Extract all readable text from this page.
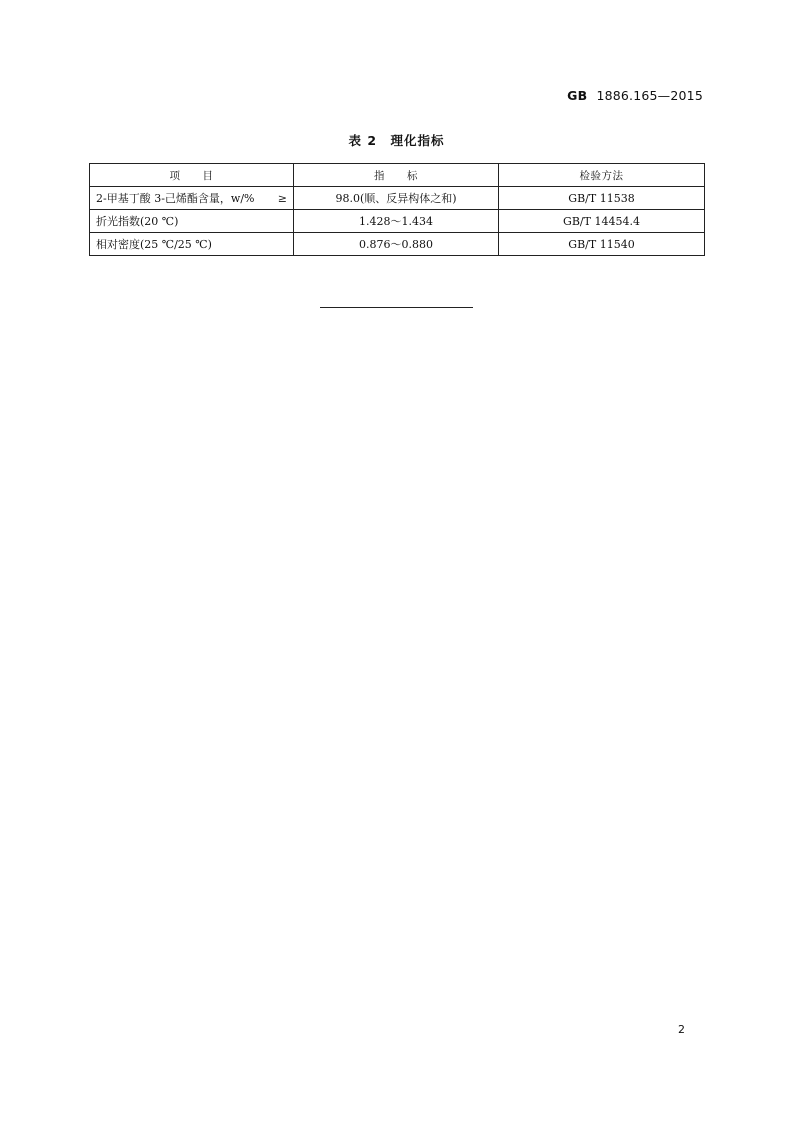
GB 1886.165—2015
表 2　理化指标
项　　目	指　　标	检验方法

2-甲基丁酸 3-己烯酯含量，w/% ≥	98.0(顺、反异构体之和)	GB/T 11538

折光指数(20 ℃)	1.428～1.434	GB/T 14454.4

相对密度(25 ℃/25 ℃)	0.876～0.880	GB/T 11540
2
